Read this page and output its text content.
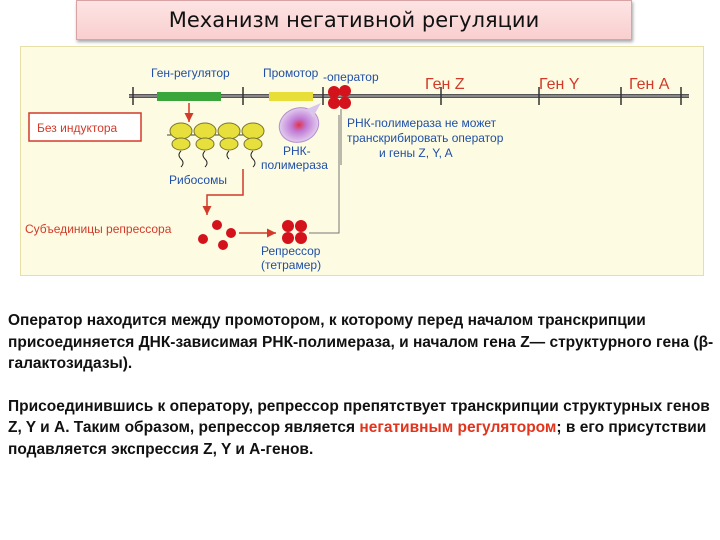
Механизм негативной регуляции
Ген-регулятор	Промотор -оператор	Ген Z	Ген Y	Ген A
РНК-
полимераза
РНК-полимераза не может
транскрибировать оператор
и гены Z, Y, A
Без индуктора
Рибосомы
Субъединицы репрессора
Репрессор
(тетрамер)

Оператор находится между промотором, к которому перед началом транскрипции присоединяется ДНК-зависимая РНК-полимераза, и началом гена Z— структурного гена (β-галактозидазы).

Присоединившись к оператору, репрессор препятствует транскрипции структурных генов Z, Y и A. Таким образом, репрессор является негативным регулятором; в его присутствии подавляется экспрессия Z, Y и A-генов.
